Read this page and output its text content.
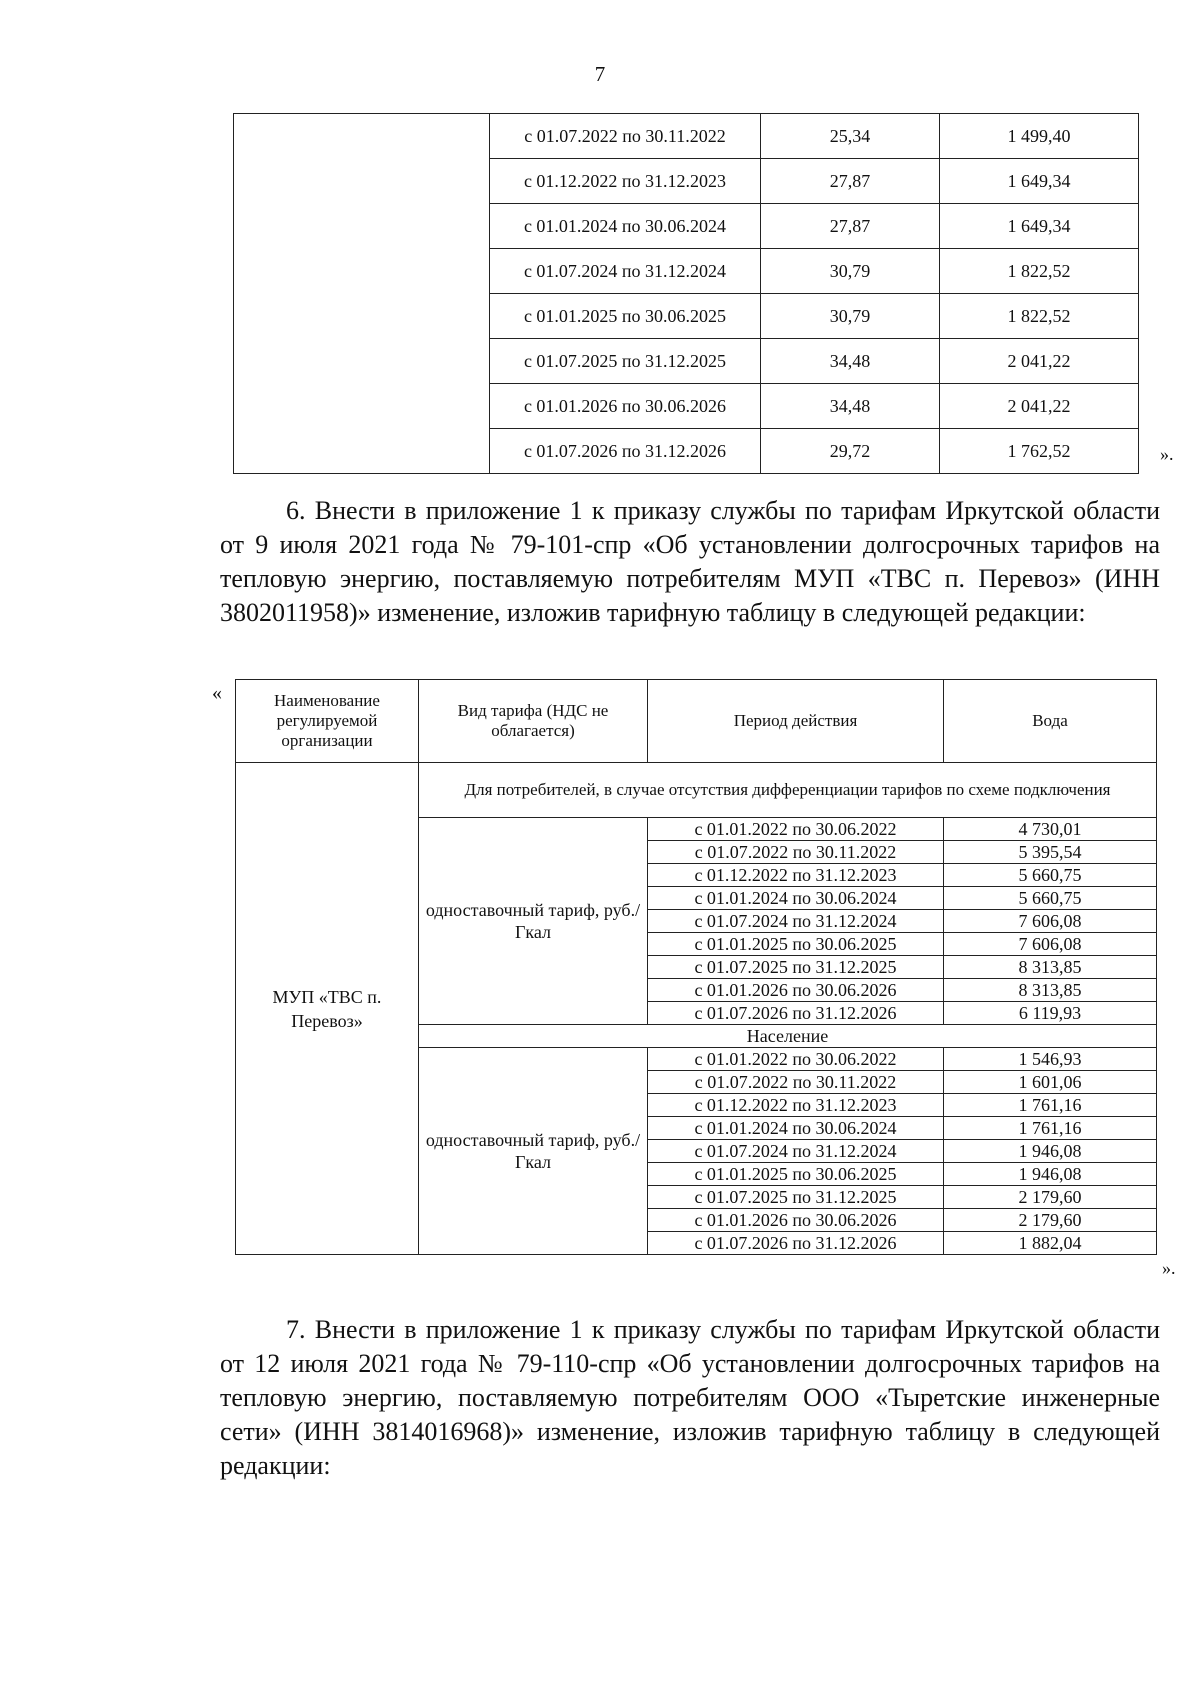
7
	с 01.07.2022 по 30.11.2022	25,34	1 499,40
	с 01.12.2022 по 31.12.2023	27,87	1 649,34
	с 01.01.2024 по 30.06.2024	27,87	1 649,34
	с 01.07.2024 по 31.12.2024	30,79	1 822,52
	с 01.01.2025 по 30.06.2025	30,79	1 822,52
	с 01.07.2025 по 31.12.2025	34,48	2 041,22
	с 01.01.2026 по 30.06.2026	34,48	2 041,22
	с 01.07.2026 по 31.12.2026	29,72	1 762,52	».
6. Внести в приложение 1 к приказу службы по тарифам Иркутской области от 9 июля 2021 года № 79-101-спр «Об установлении долгосрочных тарифов на тепловую энергию, поставляемую потребителям МУП «ТВС п. Перевоз» (ИНН 3802011958)» изменение, изложив тарифную таблицу в следующей редакции:
«	Наименование регулируемой организации	Вид тарифа (НДС не облагается)	Период действия	Вода
МУП «ТВС п. Перевоз»	Для потребителей, в случае отсутствия дифференциации тарифов по схеме подключения		
	одноставочный тариф, руб./Гкал	с 01.01.2022 по 30.06.2022	4 730,01
		с 01.07.2022 по 30.11.2022	5 395,54
		с 01.12.2022 по 31.12.2023	5 660,75
		с 01.01.2024 по 30.06.2024	5 660,75
		с 01.07.2024 по 31.12.2024	7 606,08
		с 01.01.2025 по 30.06.2025	7 606,08
		с 01.07.2025 по 31.12.2025	8 313,85
		с 01.01.2026 по 30.06.2026	8 313,85
		с 01.07.2026 по 31.12.2026	6 119,93
	Население		
	одноставочный тариф, руб./Гкал	с 01.01.2022 по 30.06.2022	1 546,93
		с 01.07.2022 по 30.11.2022	1 601,06
		с 01.12.2022 по 31.12.2023	1 761,16
		с 01.01.2024 по 30.06.2024	1 761,16
		с 01.07.2024 по 31.12.2024	1 946,08
		с 01.01.2025 по 30.06.2025	1 946,08
		с 01.07.2025 по 31.12.2025	2 179,60
		с 01.01.2026 по 30.06.2026	2 179,60
		с 01.07.2026 по 31.12.2026	1 882,04
».
7. Внести в приложение 1 к приказу службы по тарифам Иркутской области от 12 июля 2021 года № 79-110-спр «Об установлении долгосрочных тарифов на тепловую энергию, поставляемую потребителям ООО «Тыретские инженерные сети» (ИНН 3814016968)» изменение, изложив тарифную таблицу в следующей редакции:
